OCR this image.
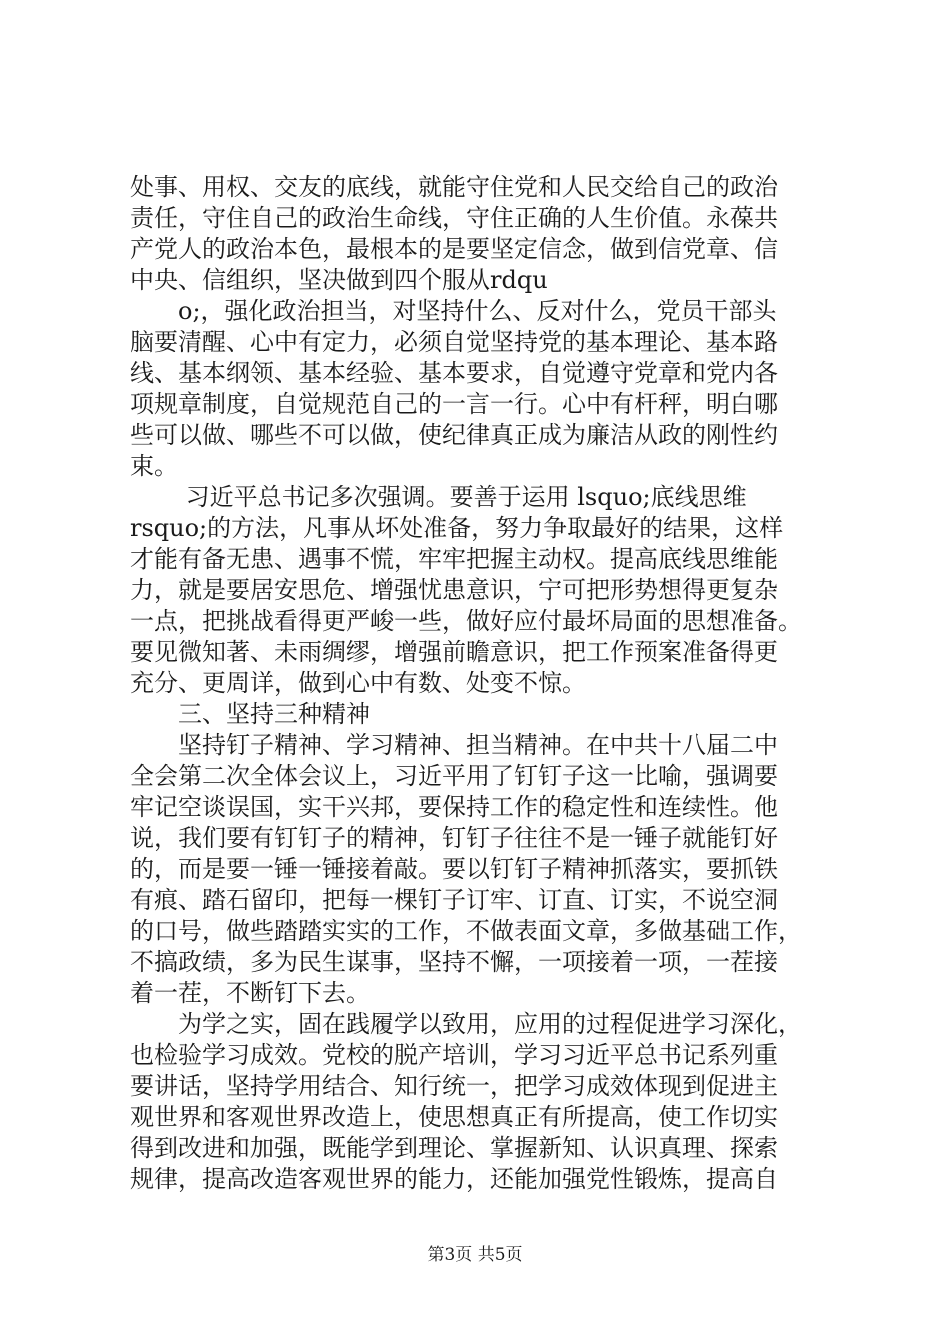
处事、用权、交友的底线，就能守住党和人民交给自己的政治
责任，守住自己的政治生命线，守住正确的人生价值。永葆共
产党人的政治本色，最根本的是要坚定信念，做到信党章、信
中央、信组织，坚决做到四个服从rdqu
　　o;，强化政治担当，对坚持什么、反对什么，党员干部头
脑要清醒、心中有定力，必须自觉坚持党的基本理论、基本路
线、基本纲领、基本经验、基本要求，自觉遵守党章和党内各
项规章制度，自觉规范自己的一言一行。心中有杆秤，明白哪
些可以做、哪些不可以做，使纪律真正成为廉洁从政的刚性约
束。
　　 习近平总书记多次强调。要善于运用 lsquo;底线思维
rsquo;的方法，凡事从坏处准备，努力争取最好的结果，这样
才能有备无患、遇事不慌，牢牢把握主动权。提高底线思维能
力，就是要居安思危、增强忧患意识，宁可把形势想得更复杂
一点，把挑战看得更严峻一些，做好应付最坏局面的思想准备。
要见微知著、未雨绸缪，增强前瞻意识，把工作预案准备得更
充分、更周详，做到心中有数、处变不惊。
　　三、坚持三种精神
　　坚持钉子精神、学习精神、担当精神。在中共十八届二中
全会第二次全体会议上，习近平用了钉钉子这一比喻，强调要
牢记空谈误国，实干兴邦，要保持工作的稳定性和连续性。他
说，我们要有钉钉子的精神，钉钉子往往不是一锤子就能钉好
的，而是要一锤一锤接着敲。要以钉钉子精神抓落实，要抓铁
有痕、踏石留印，把每一棵钉子订牢、订直、订实，不说空洞
的口号，做些踏踏实实的工作，不做表面文章，多做基础工作，
不搞政绩，多为民生谋事，坚持不懈，一项接着一项，一茬接
着一茬，不断钉下去。
　　为学之实，固在践履学以致用，应用的过程促进学习深化，
也检验学习成效。党校的脱产培训，学习习近平总书记系列重
要讲话，坚持学用结合、知行统一，把学习成效体现到促进主
观世界和客观世界改造上，使思想真正有所提高，使工作切实
得到改进和加强，既能学到理论、掌握新知、认识真理、探索
规律，提高改造客观世界的能力，还能加强党性锻炼，提高自
第3页 共5页
